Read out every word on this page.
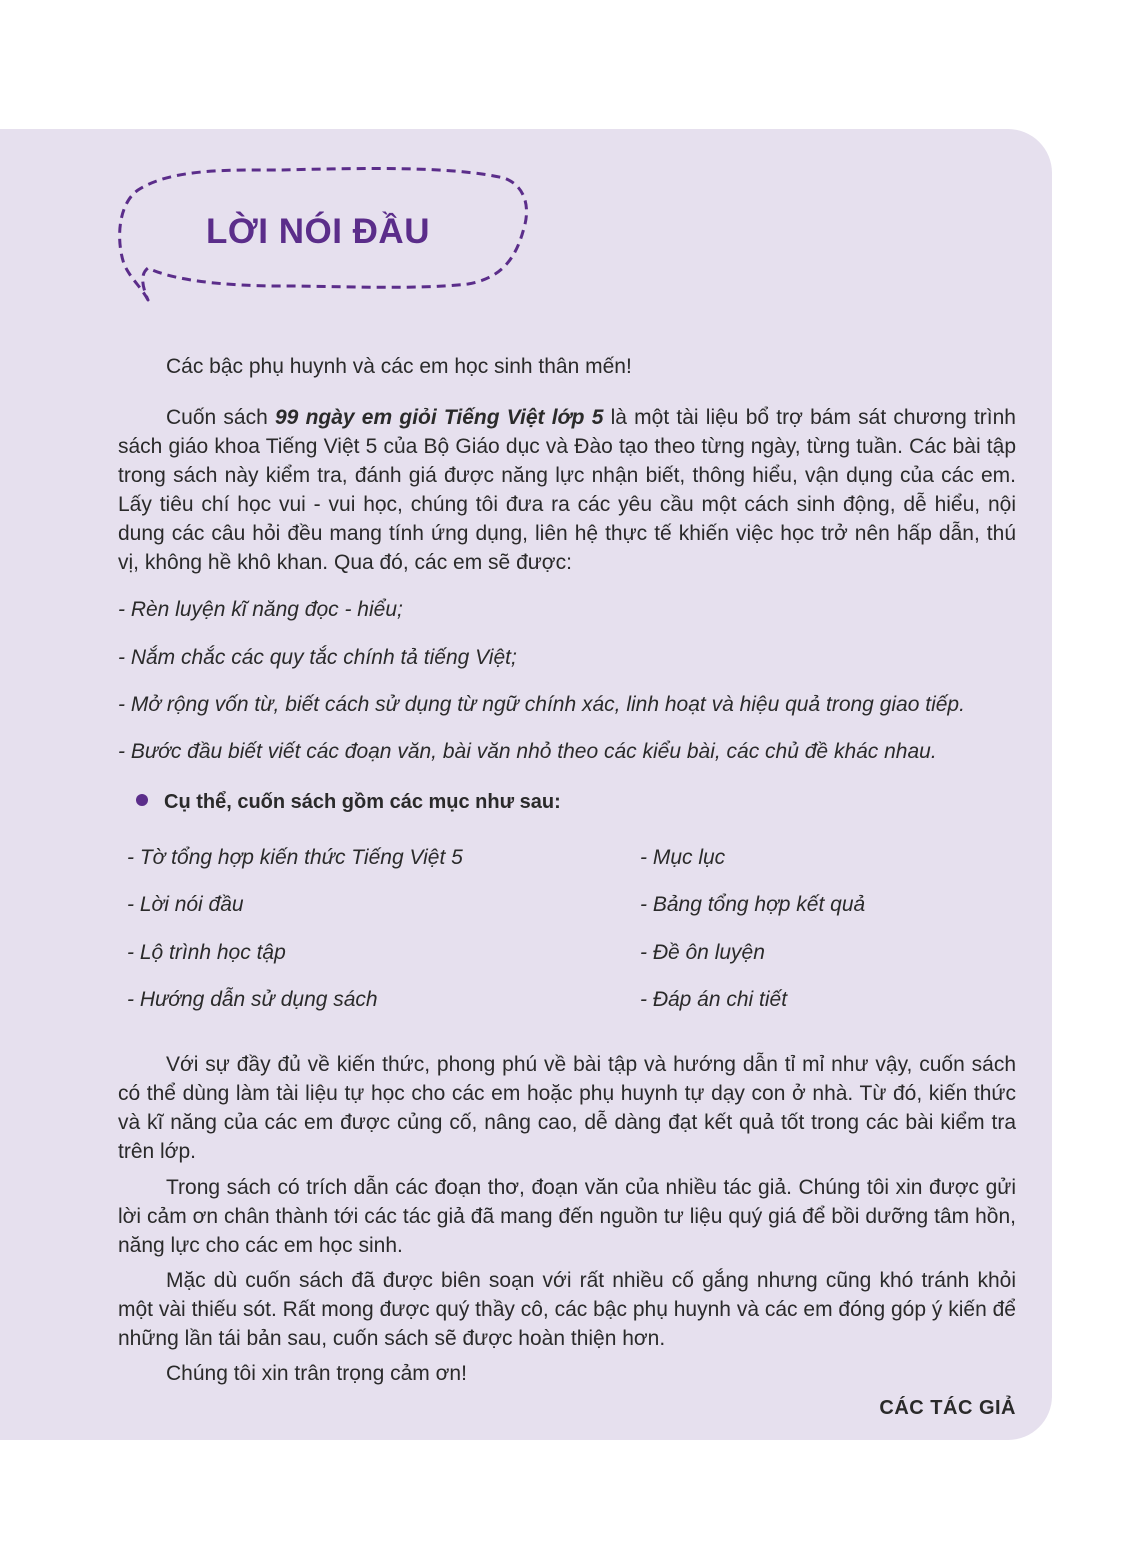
LỜI NÓI ĐẦU
Các bậc phụ huynh và các em học sinh thân mến!
Cuốn sách 99 ngày em giỏi Tiếng Việt lớp 5 là một tài liệu bổ trợ bám sát chương trình sách giáo khoa Tiếng Việt 5 của Bộ Giáo dục và Đào tạo theo từng ngày, từng tuần. Các bài tập trong sách này kiểm tra, đánh giá được năng lực nhận biết, thông hiểu, vận dụng của các em. Lấy tiêu chí học vui - vui học, chúng tôi đưa ra các yêu cầu một cách sinh động, dễ hiểu, nội dung các câu hỏi đều mang tính ứng dụng, liên hệ thực tế khiến việc học trở nên hấp dẫn, thú vị, không hề khô khan. Qua đó, các em sẽ được:
- Rèn luyện kĩ năng đọc - hiểu;
- Nắm chắc các quy tắc chính tả tiếng Việt;
- Mở rộng vốn từ, biết cách sử dụng từ ngữ chính xác, linh hoạt và hiệu quả trong giao tiếp.
- Bước đầu biết viết các đoạn văn, bài văn nhỏ theo các kiểu bài, các chủ đề khác nhau.
Cụ thể, cuốn sách gồm các mục như sau:
- Tờ tổng hợp kiến thức Tiếng Việt 5
- Lời nói đầu
- Lộ trình học tập
- Hướng dẫn sử dụng sách
- Mục lục
- Bảng tổng hợp kết quả
- Đề ôn luyện
- Đáp án chi tiết
Với sự đầy đủ về kiến thức, phong phú về bài tập và hướng dẫn tỉ mỉ như vậy, cuốn sách có thể dùng làm tài liệu tự học cho các em hoặc phụ huynh tự dạy con ở nhà. Từ đó, kiến thức và kĩ năng của các em được củng cố, nâng cao, dễ dàng đạt kết quả tốt trong các bài kiểm tra trên lớp.
Trong sách có trích dẫn các đoạn thơ, đoạn văn của nhiều tác giả. Chúng tôi xin được gửi lời cảm ơn chân thành tới các tác giả đã mang đến nguồn tư liệu quý giá để bồi dưỡng tâm hồn, năng lực cho các em học sinh.
Mặc dù cuốn sách đã được biên soạn với rất nhiều cố gắng nhưng cũng khó tránh khỏi một vài thiếu sót. Rất mong được quý thầy cô, các bậc phụ huynh và các em đóng góp ý kiến để những lần tái bản sau, cuốn sách sẽ được hoàn thiện hơn.
Chúng tôi xin trân trọng cảm ơn!
CÁC TÁC GIẢ
